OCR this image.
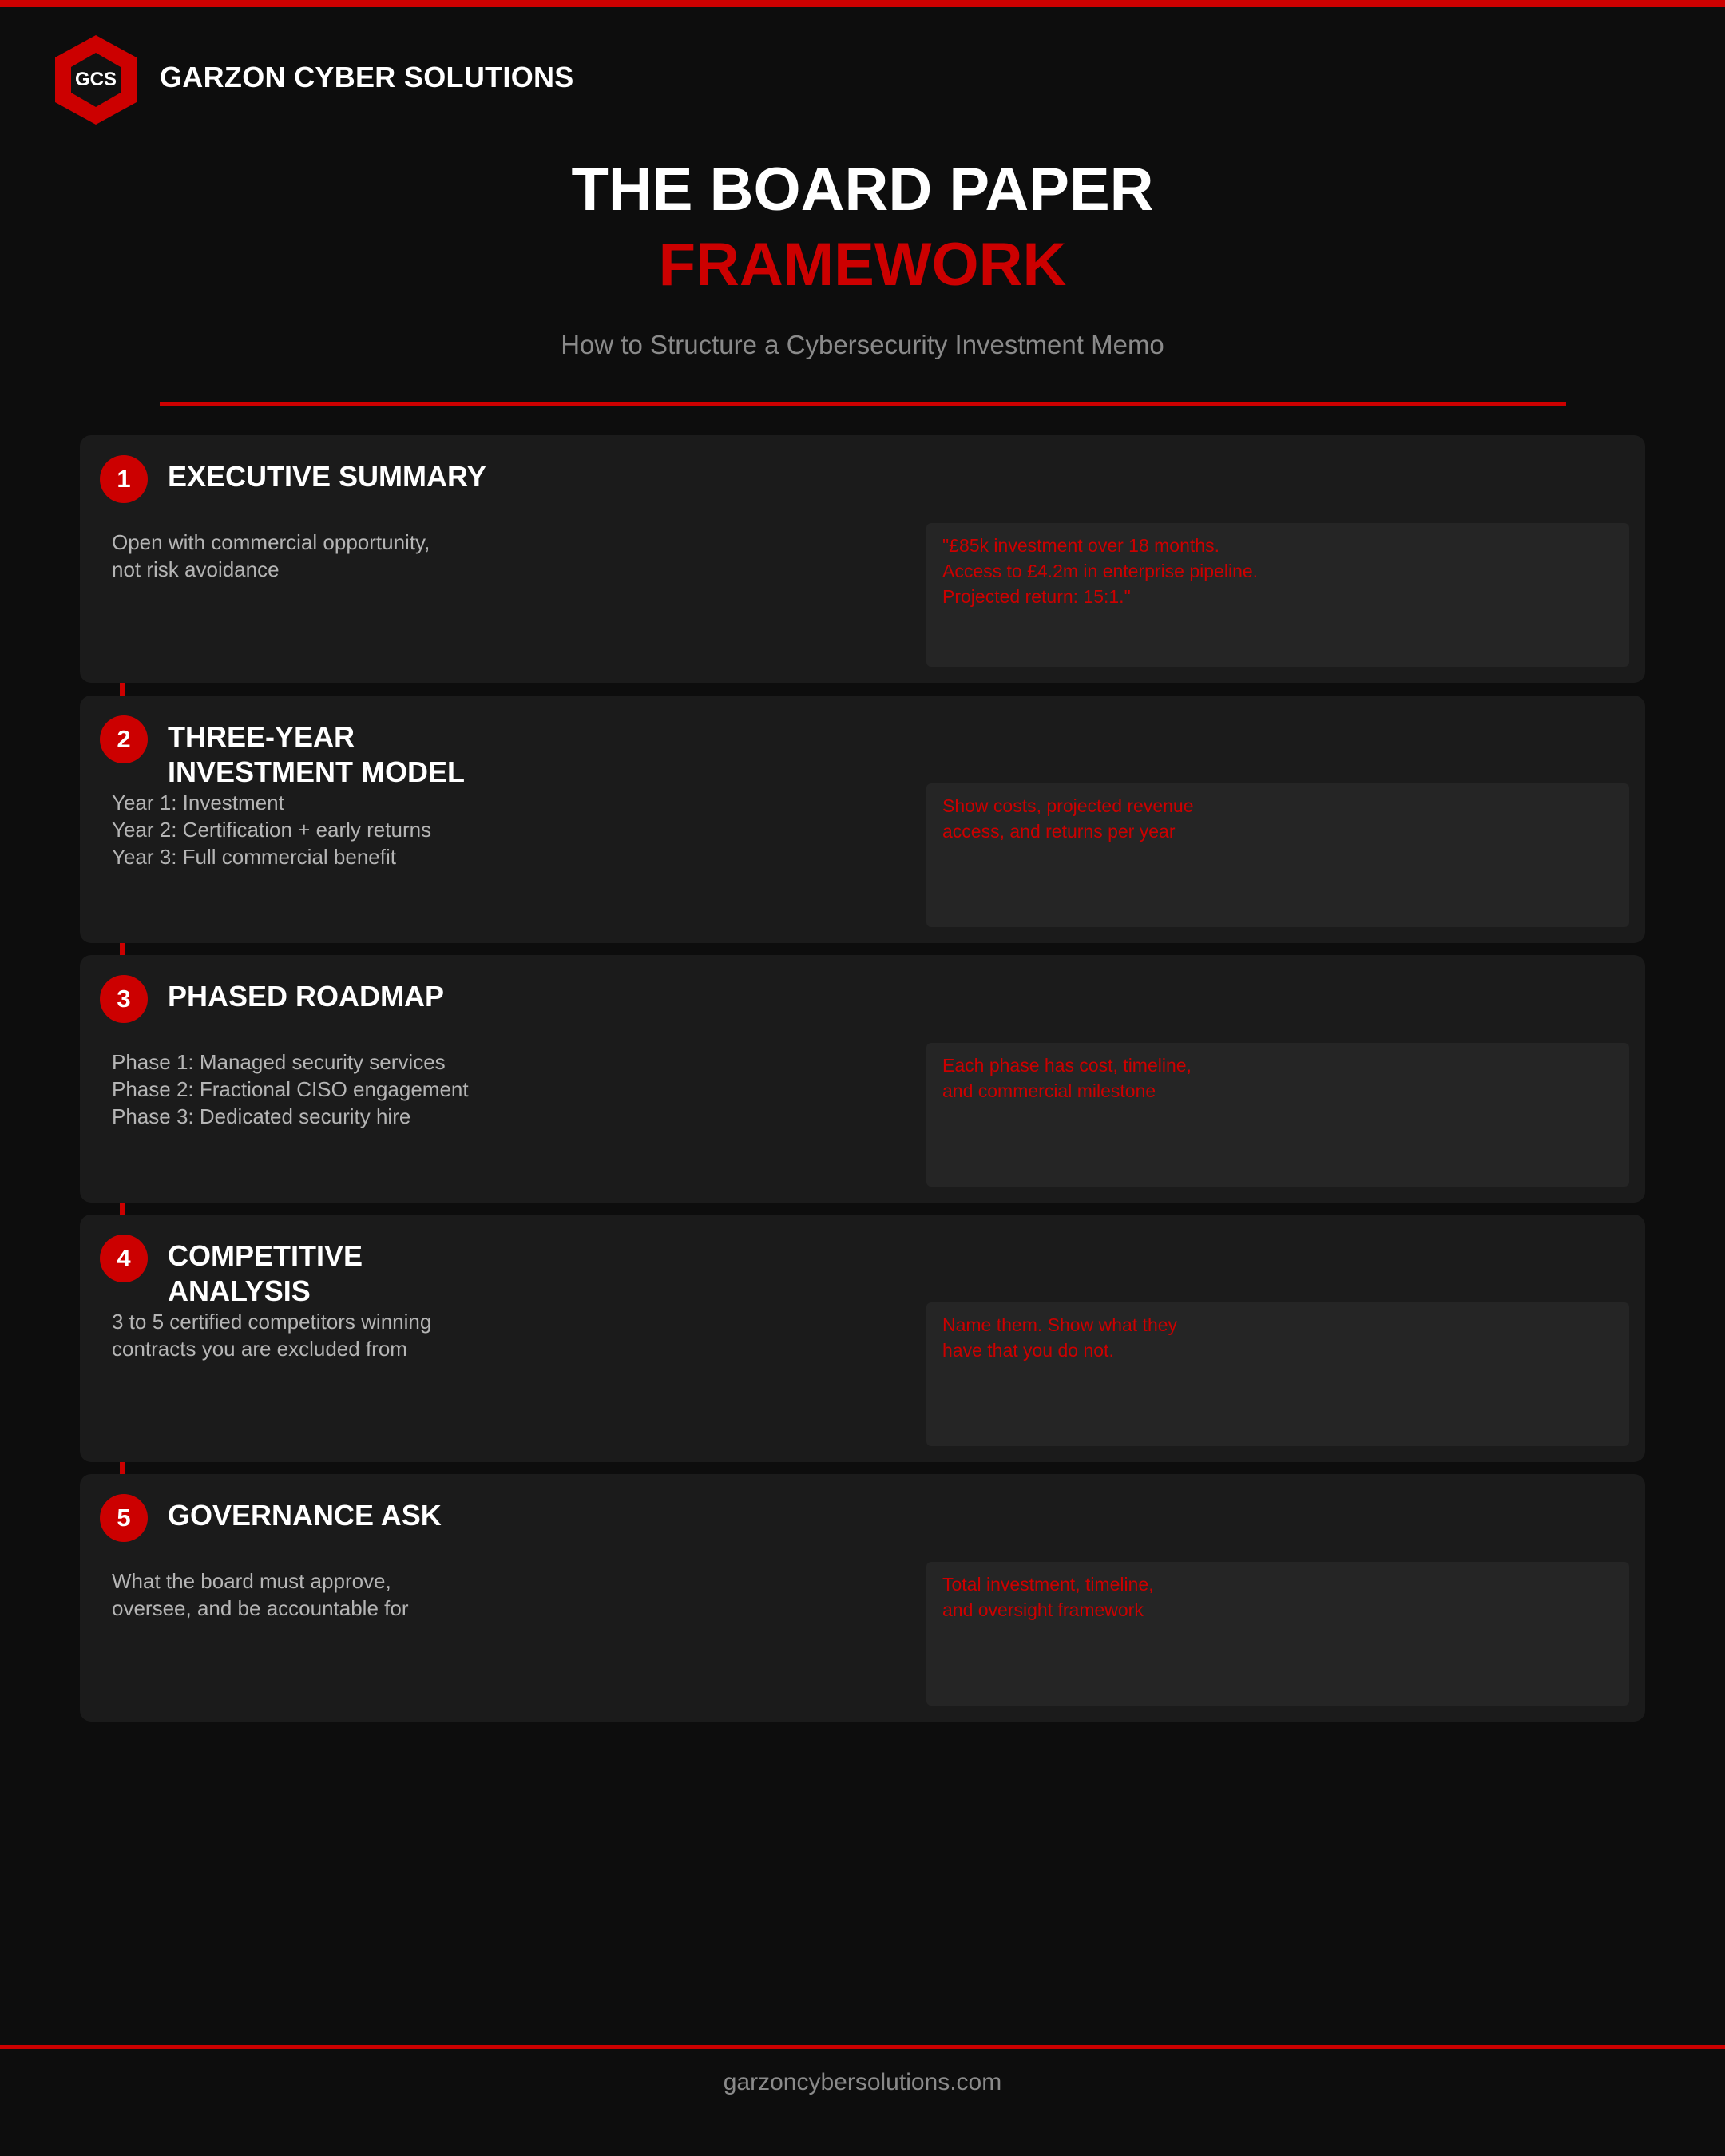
GCS GARZON CYBER SOLUTIONS
THE BOARD PAPER
FRAMEWORK
How to Structure a Cybersecurity Investment Memo
1	EXECUTIVE SUMMARY
Open with commercial opportunity,
not risk avoidance
"£85k investment over 18 months.
Access to £4.2m in enterprise pipeline.
Projected return: 15:1."
2	THREE-YEAR
INVESTMENT MODEL
Year 1: Investment
Year 2: Certification + early returns
Year 3: Full commercial benefit
Show costs, projected revenue
access, and returns per year
3	PHASED ROADMAP
Phase 1: Managed security services
Phase 2: Fractional CISO engagement
Phase 3: Dedicated security hire
Each phase has cost, timeline,
and commercial milestone
4	COMPETITIVE
ANALYSIS
3 to 5 certified competitors winning
contracts you are excluded from
Name them. Show what they
have that you do not.
5	GOVERNANCE ASK
What the board must approve,
oversee, and be accountable for
Total investment, timeline,
and oversight framework
garzoncybersolutions.com
